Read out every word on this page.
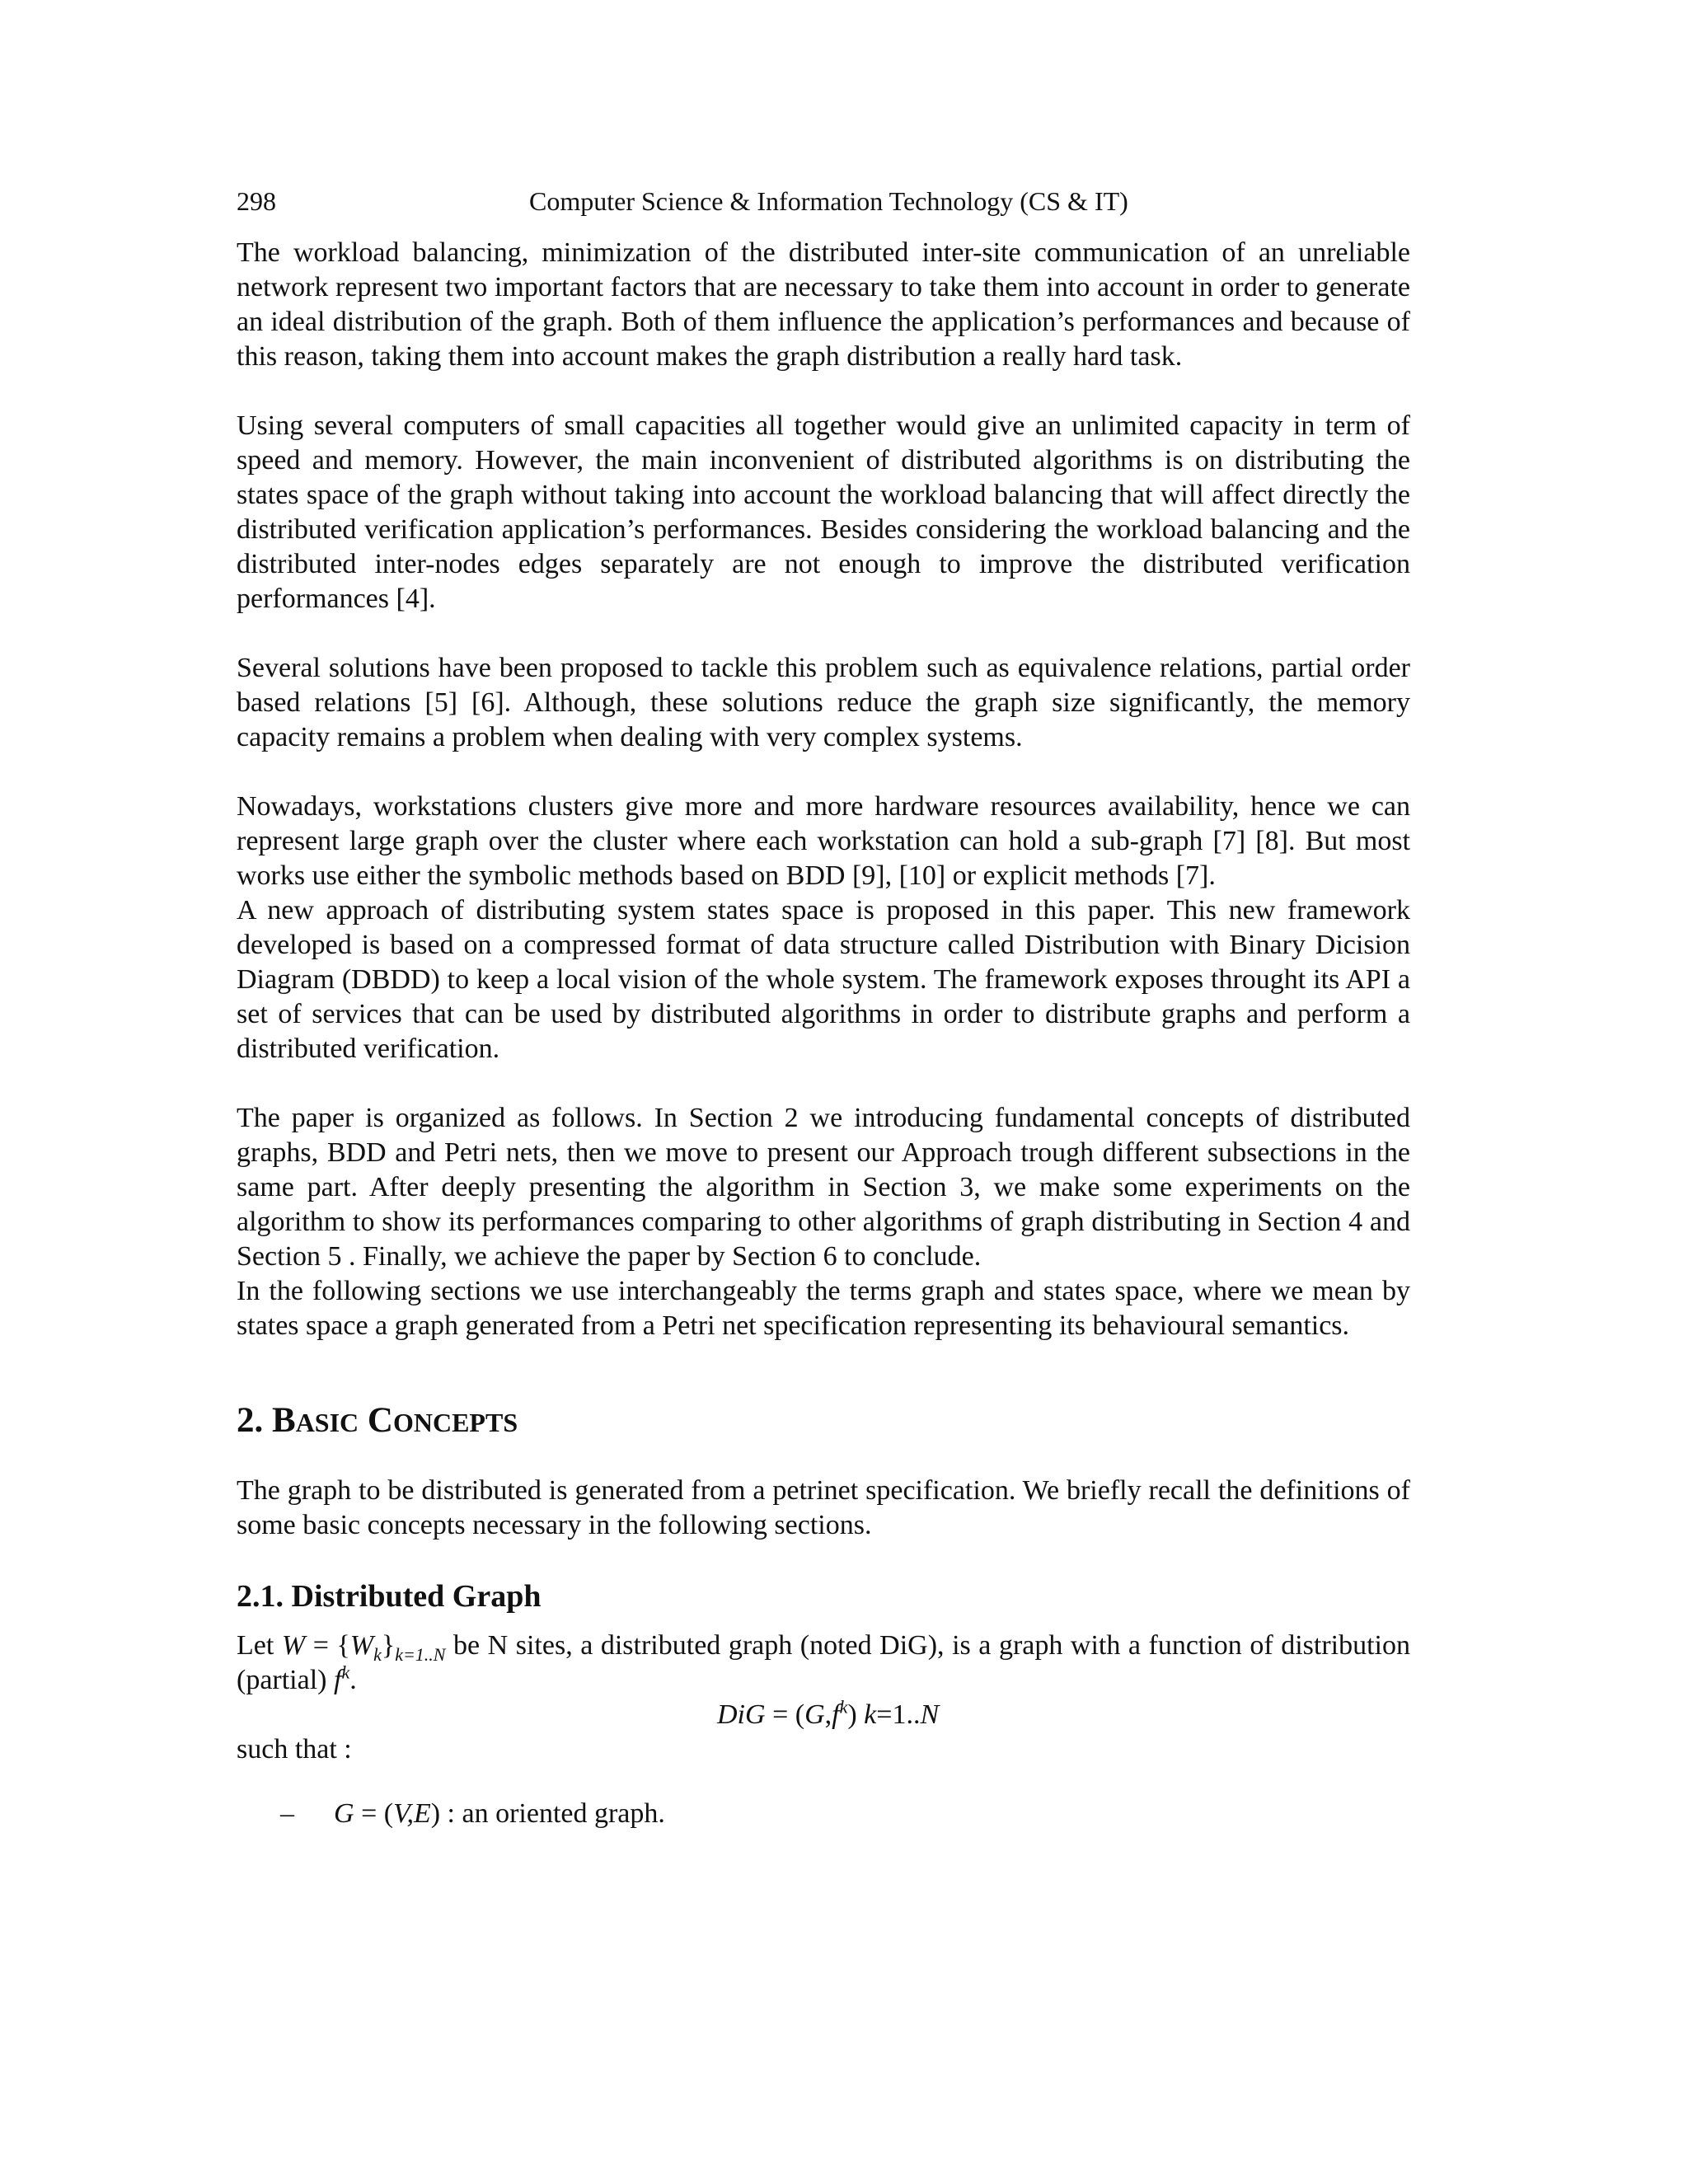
298	Computer Science & Information Technology (CS & IT)

The workload balancing, minimization of the distributed inter-site communication of an unreliable network represent two important factors that are necessary to take them into account in order to generate an ideal distribution of the graph. Both of them influence the application’s performances and because of this reason, taking them into account makes the graph distribution a really hard task.

Using several computers of small capacities all together would give an unlimited capacity in term of speed and memory. However, the main inconvenient of distributed algorithms is on distributing the states space of the graph without taking into account the workload balancing that will affect directly the distributed verification application’s performances. Besides considering the workload balancing and the distributed inter-nodes edges separately are not enough to improve the distributed verification performances [4].

Several solutions have been proposed to tackle this problem such as equivalence relations, partial order based relations [5] [6]. Although, these solutions reduce the graph size significantly, the memory capacity remains a problem when dealing with very complex systems.

Nowadays, workstations clusters give more and more hardware resources availability, hence we can represent large graph over the cluster where each workstation can hold a sub-graph [7] [8]. But most works use either the symbolic methods based on BDD [9], [10] or explicit methods [7].

A new approach of distributing system states space is proposed in this paper. This new framework developed is based on a compressed format of data structure called Distribution with Binary Dicision Diagram (DBDD) to keep a local vision of the whole system. The framework exposes throught its API a set of services that can be used by distributed algorithms in order to distribute graphs and perform a distributed verification.

The paper is organized as follows. In Section 2 we introducing fundamental concepts of distributed graphs, BDD and Petri nets, then we move to present our Approach trough different subsections in the same part. After deeply presenting the algorithm in Section 3, we make some experiments on the algorithm to show its performances comparing to other algorithms of graph distributing in Section 4 and Section 5 . Finally, we achieve the paper by Section 6 to conclude.

In the following sections we use interchangeably the terms graph and states space, where we mean by states space a graph generated from a Petri net specification representing its behavioural semantics.

2. BASIC CONCEPTS

The graph to be distributed is generated from a petrinet specification. We briefly recall the definitions of some basic concepts necessary in the following sections.

2.1. Distributed Graph

Let $W = \{W_k\}_{k=1..N}$ be N sites, a distributed graph (noted DiG), is a graph with a function of distribution (partial) $f^k$.

DiG = $(G,f^k)$ k=1..N

such that :

– G = (V,E) : an oriented graph.
